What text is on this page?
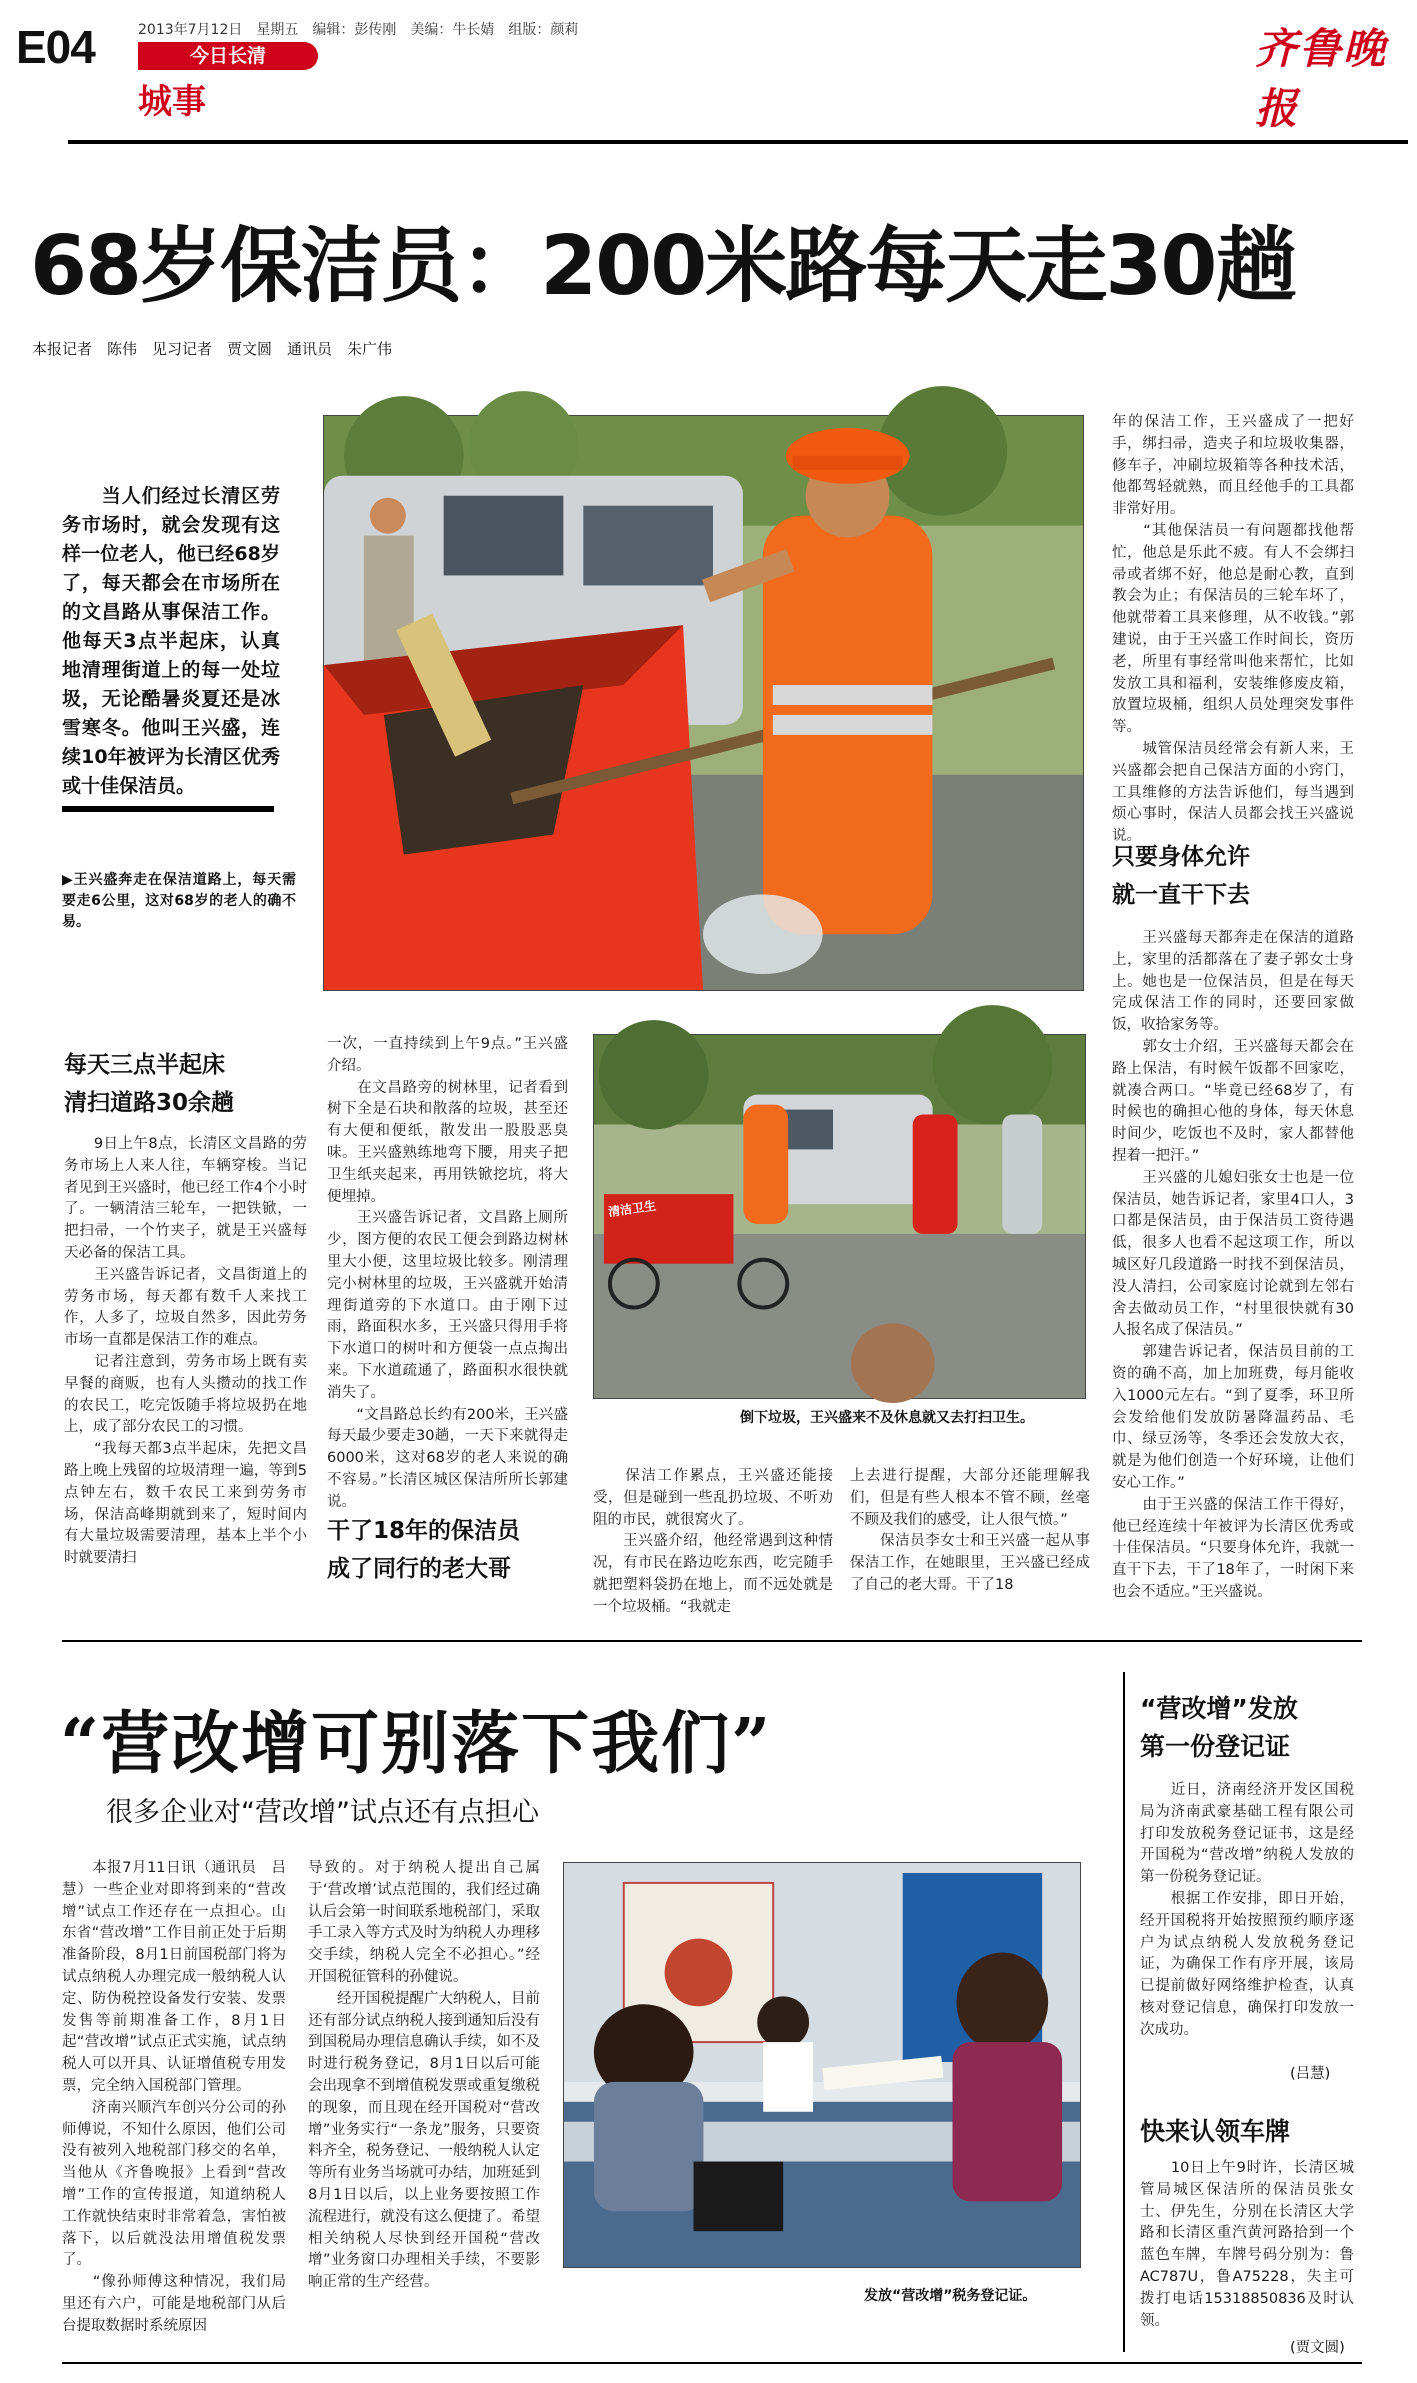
E04	2013年7月12日　星期五　编辑：彭传刚　美编：牛长婧　组版：颜莉
今日长清
城事
齐鲁晚报
68岁保洁员：200米路每天走30趟
本报记者　陈伟　见习记者　贾文圆　通讯员　朱广伟
　　当人们经过长清区劳务市场时，就会发现有这样一位老人，他已经68岁了，每天都会在市场所在的文昌路从事保洁工作。他每天3点半起床，认真地清理街道上的每一处垃圾，无论酷暑炎夏还是冰雪寒冬。他叫王兴盛，连续10年被评为长清区优秀或十佳保洁员。
▶王兴盛奔走在保洁道路上，每天需要走6公里，这对68岁的老人的确不易。
年的保洁工作，王兴盛成了一把好手，绑扫帚，造夹子和垃圾收集器，修车子，冲刷垃圾箱等各种技术活，他都驾轻就熟，而且经他手的工具都非常好用。
　　“其他保洁员一有问题都找他帮忙，他总是乐此不疲。有人不会绑扫帚或者绑不好，他总是耐心教，直到教会为止；有保洁员的三轮车坏了，他就带着工具来修理，从不收钱。”郭建说，由于王兴盛工作时间长，资历老，所里有事经常叫他来帮忙，比如发放工具和福利，安装维修废皮箱，放置垃圾桶，组织人员处理突发事件等。
　　城管保洁员经常会有新人来，王兴盛都会把自己保洁方面的小窍门，工具维修的方法告诉他们，每当遇到烦心事时，保洁人员都会找王兴盛说说。
只要身体允许
就一直干下去
　　王兴盛每天都奔走在保洁的道路上，家里的活都落在了妻子郭女士身上。她也是一位保洁员，但是在每天完成保洁工作的同时，还要回家做饭，收拾家务等。
　　郭女士介绍，王兴盛每天都会在路上保洁，有时候午饭都不回家吃，就凑合两口。“毕竟已经68岁了，有时候也的确担心他的身体，每天休息时间少，吃饭也不及时，家人都替他捏着一把汗。”
　　王兴盛的儿媳妇张女士也是一位保洁员，她告诉记者，家里4口人，3口都是保洁员，由于保洁员工资待遇低，很多人也看不起这项工作，所以城区好几段道路一时找不到保洁员，没人清扫，公司家庭讨论就到左邻右舍去做动员工作，“村里很快就有30人报名成了保洁员。”
　　郭建告诉记者，保洁员目前的工资的确不高，加上加班费，每月能收入1000元左右。“到了夏季，环卫所会发给他们发放防暑降温药品、毛巾、绿豆汤等，冬季还会发放大衣，就是为他们创造一个好环境，让他们安心工作。”
　　由于王兴盛的保洁工作干得好，他已经连续十年被评为长清区优秀或十佳保洁员。“只要身体允许，我就一直干下去，干了18年了，一时闲下来也会不适应。”王兴盛说。
每天三点半起床
清扫道路30余趟
　　9日上午8点，长清区文昌路的劳务市场上人来人往，车辆穿梭。当记者见到王兴盛时，他已经工作4个小时了。一辆清洁三轮车，一把铁锨，一把扫帚，一个竹夹子，就是王兴盛每天必备的保洁工具。
　　王兴盛告诉记者，文昌街道上的劳务市场，每天都有数千人来找工作，人多了，垃圾自然多，因此劳务市场一直都是保洁工作的难点。
　　记者注意到，劳务市场上既有卖早餐的商贩，也有人头攒动的找工作的农民工，吃完饭随手将垃圾扔在地上，成了部分农民工的习惯。
　　“我每天都3点半起床，先把文昌路上晚上残留的垃圾清理一遍，等到5点钟左右，数千农民工来到劳务市场，保洁高峰期就到来了，短时间内有大量垃圾需要清理，基本上半个小时就要清扫
一次，一直持续到上午9点。”王兴盛介绍。
　　在文昌路旁的树林里，记者看到树下全是石块和散落的垃圾，甚至还有大便和便纸，散发出一股股恶臭味。王兴盛熟练地弯下腰，用夹子把卫生纸夹起来，再用铁锨挖坑，将大便埋掉。
　　王兴盛告诉记者，文昌路上厕所少，图方便的农民工便会到路边树林里大小便，这里垃圾比较多。刚清理完小树林里的垃圾，王兴盛就开始清理街道旁的下水道口。由于刚下过雨，路面积水多，王兴盛只得用手将下水道口的树叶和方便袋一点点掏出来。下水道疏通了，路面积水很快就消失了。
　　“文昌路总长约有200米，王兴盛每天最少要走30趟，一天下来就得走6000米，这对68岁的老人来说的确不容易。”长清区城区保洁所所长郭建说。
干了18年的保洁员
成了同行的老大哥
清洁卫生
倒下垃圾，王兴盛来不及休息就又去打扫卫生。
　　保洁工作累点，王兴盛还能接受，但是碰到一些乱扔垃圾、不听劝阻的市民，就很窝火了。
　　王兴盛介绍，他经常遇到这种情况，有市民在路边吃东西，吃完随手就把塑料袋扔在地上，而不远处就是一个垃圾桶。“我就走
上去进行提醒，大部分还能理解我们，但是有些人根本不管不顾，丝毫不顾及我们的感受，让人很气愤。”
　　保洁员李女士和王兴盛一起从事保洁工作，在她眼里，王兴盛已经成了自己的老大哥。干了18
“营改增可别落下我们”
很多企业对“营改增”试点还有点担心
　　本报7月11日讯（通讯员　吕慧）一些企业对即将到来的“营改增”试点工作还存在一点担心。山东省“营改增”工作目前正处于后期准备阶段，8月1日前国税部门将为试点纳税人办理完成一般纳税人认定、防伪税控设备发行安装、发票发售等前期准备工作，8月1日起“营改增”试点正式实施，试点纳税人可以开具、认证增值税专用发票，完全纳入国税部门管理。
　　济南兴顺汽车创兴分公司的孙师傅说，不知什么原因，他们公司没有被列入地税部门移交的名单，当他从《齐鲁晚报》上看到“营改增”工作的宣传报道，知道纳税人工作就快结束时非常着急，害怕被落下，以后就没法用增值税发票了。
　　“像孙师傅这种情况，我们局里还有六户，可能是地税部门从后台提取数据时系统原因
导致的。对于纳税人提出自己属于‘营改增’试点范围的，我们经过确认后会第一时间联系地税部门，采取手工录入等方式及时为纳税人办理移交手续，纳税人完全不必担心。”经开国税征管科的孙健说。
　　经开国税提醒广大纳税人，目前还有部分试点纳税人接到通知后没有到国税局办理信息确认手续，如不及时进行税务登记，8月1日以后可能会出现拿不到增值税发票或重复缴税的现象，而且现在经开国税对“营改增”业务实行“一条龙”服务，只要资料齐全，税务登记、一般纳税人认定等所有业务当场就可办结，加班延到8月1日以后，以上业务要按照工作流程进行，就没有这么便捷了。希望相关纳税人尽快到经开国税“营改增”业务窗口办理相关手续，不要影响正常的生产经营。
发放“营改增”税务登记证。
“营改增”发放
第一份登记证
　　近日，济南经济开发区国税局为济南武豪基础工程有限公司打印发放税务登记证书，这是经开国税为“营改增”纳税人发放的第一份税务登记证。
　　根据工作安排，即日开始，经开国税将开始按照预约顺序逐户为试点纳税人发放税务登记证，为确保工作有序开展，该局已提前做好网络维护检查，认真核对登记信息，确保打印发放一次成功。
(吕慧)
快来认领车牌
　　10日上午9时许，长清区城管局城区保洁所的保洁员张女士、伊先生，分别在长清区大学路和长清区重汽黄河路拾到一个蓝色车牌，车牌号码分别为：鲁AC787U，鲁A75228，失主可拨打电话15318850836及时认领。
(贾文圆)
